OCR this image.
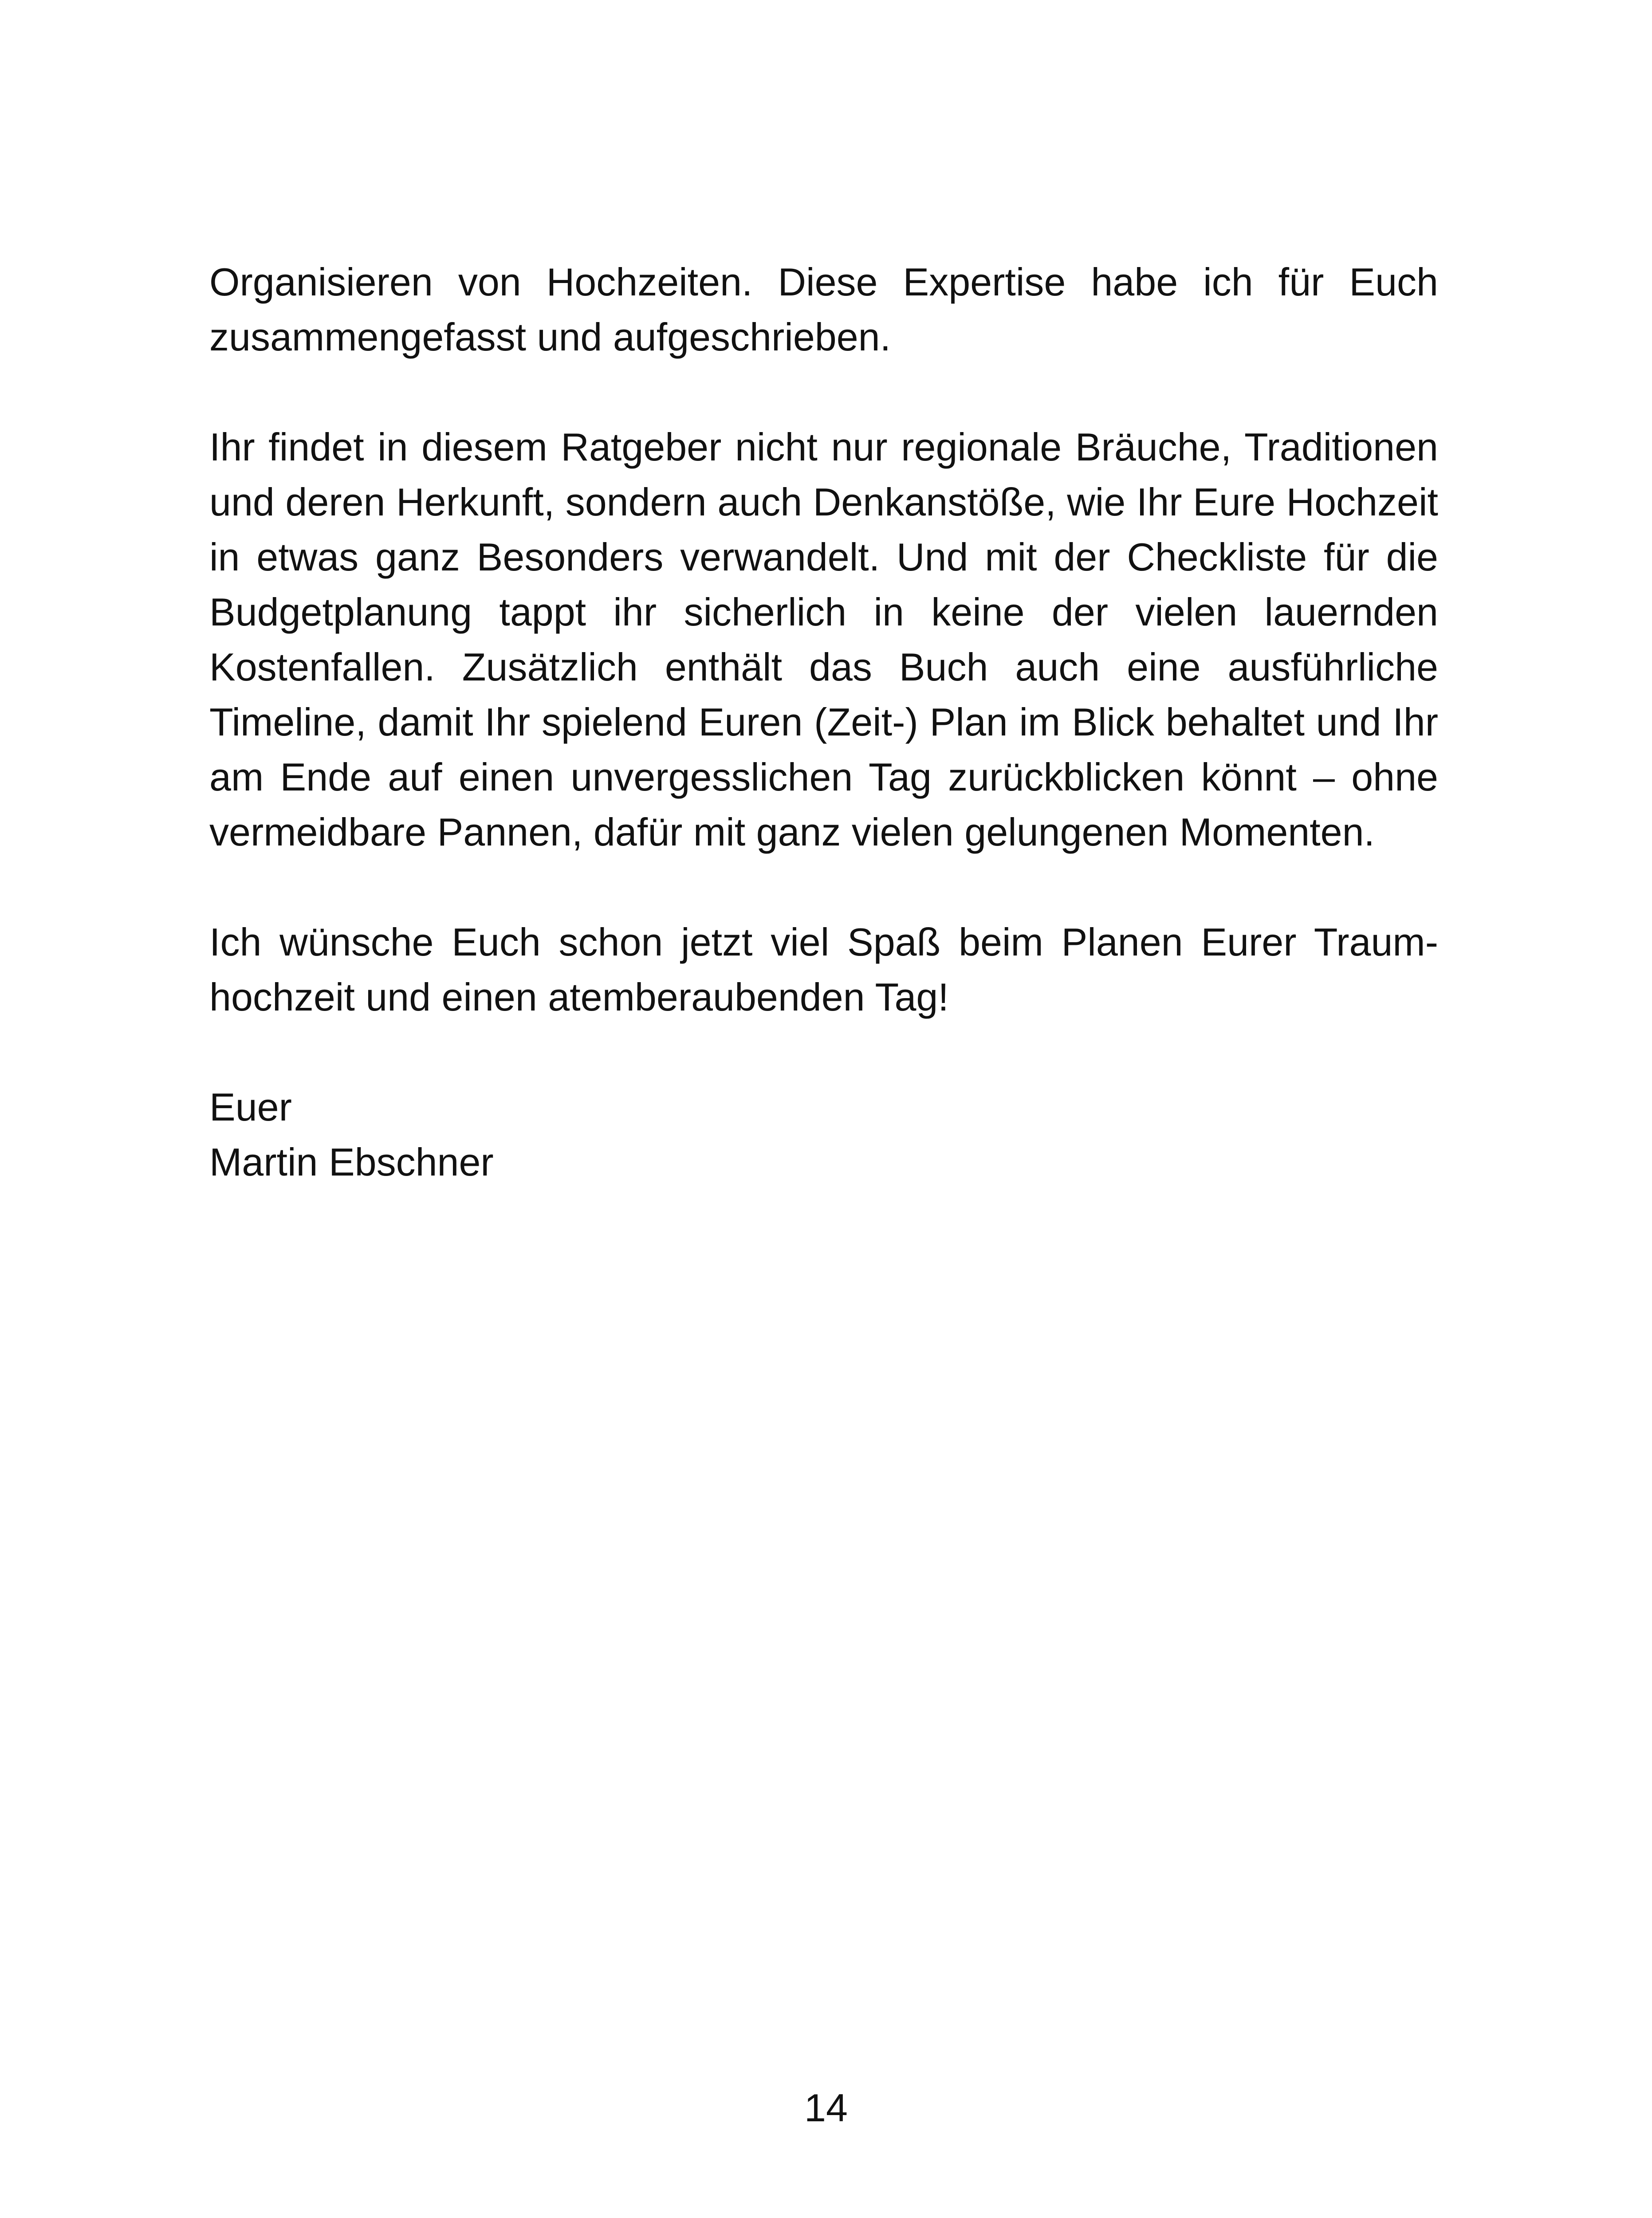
Organisieren von Hochzeiten. Diese Expertise habe ich für Euch zusammengefasst und aufgeschrieben.

Ihr findet in diesem Ratgeber nicht nur regionale Bräuche, Traditionen und deren Herkunft, sondern auch Denkanstöße, wie Ihr Eure Hochzeit in etwas ganz Besonders verwandelt. Und mit der Checkliste für die Budgetplanung tappt ihr sicherlich in keine der vielen lauernden Kostenfallen. Zusätzlich enthält das Buch auch eine ausführliche Timeline, damit Ihr spielend Euren (Zeit-) Plan im Blick behaltet und Ihr am Ende auf einen unvergesslichen Tag zurückblicken könnt – ohne vermeidbare Pannen, dafür mit ganz vielen gelungenen Momenten.

Ich wünsche Euch schon jetzt viel Spaß beim Planen Eurer Traum-hochzeit und einen atemberaubenden Tag!

Euer
Martin Ebschner

14
